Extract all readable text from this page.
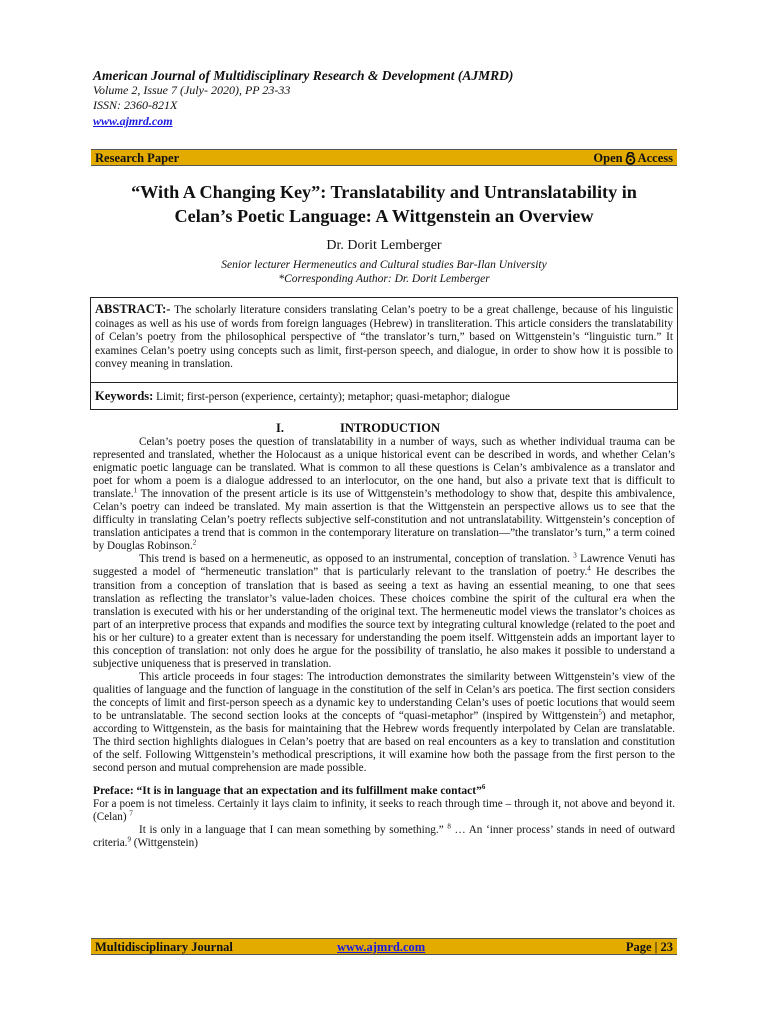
American Journal of Multidisciplinary Research & Development (AJMRD)
Volume 2, Issue 7 (July- 2020), PP 23-33
ISSN: 2360-821X
www.ajmrd.com
Research Paper	Open Access
“With A Changing Key”: Translatability and Untranslatability in
Celan’s Poetic Language: A Wittgenstein an Overview
Dr. Dorit Lemberger
Senior lecturer Hermeneutics and Cultural studies Bar-Ilan University
*Corresponding Author: Dr. Dorit Lemberger
ABSTRACT:- The scholarly literature considers translating Celan’s poetry to be a great challenge, because of his linguistic coinages as well as his use of words from foreign languages (Hebrew) in transliteration. This article considers the translatability of Celan’s poetry from the philosophical perspective of “the translator’s turn,” based on Wittgenstein’s “linguistic turn.” It examines Celan’s poetry using concepts such as limit, first-person speech, and dialogue, in order to show how it is possible to convey meaning in translation.
Keywords: Limit; first-person (experience, certainty); metaphor; quasi-metaphor; dialogue
I.	INTRODUCTION

Celan’s poetry poses the question of translatability in a number of ways, such as whether individual trauma can be represented and translated, whether the Holocaust as a unique historical event can be described in words, and whether Celan’s enigmatic poetic language can be translated. What is common to all these questions is Celan’s ambivalence as a translator and poet for whom a poem is a dialogue addressed to an interlocutor, on the one hand, but also a private text that is difficult to translate.$^1$ The innovation of the present article is its use of Wittgenstein’s methodology to show that, despite this ambivalence, Celan’s poetry can indeed be translated. My main assertion is that the Wittgenstein an perspective allows us to see that the difficulty in translating Celan’s poetry reflects subjective self-constitution and not untranslatability. Wittgenstein’s conception of translation anticipates a trend that is common in the contemporary literature on translation—”the translator’s turn,” a term coined by Douglas Robinson.$^2$

This trend is based on a hermeneutic, as opposed to an instrumental, conception of translation. $^3$ Lawrence Venuti has suggested a model of “hermeneutic translation” that is particularly relevant to the translation of poetry.$^4$ He describes the transition from a conception of translation that is based as seeing a text as having an essential meaning, to one that sees translation as reflecting the translator’s value-laden choices. These choices combine the spirit of the cultural era when the translation is executed with his or her understanding of the original text. The hermeneutic model views the translator’s choices as part of an interpretive process that expands and modifies the source text by integrating cultural knowledge (related to the poet and his or her culture) to a greater extent than is necessary for understanding the poem itself. Wittgenstein adds an important layer to this conception of translation: not only does he argue for the possibility of translatio, he also makes it possible to understand a subjective uniqueness that is preserved in translation.

This article proceeds in four stages: The introduction demonstrates the similarity between Wittgenstein’s view of the qualities of language and the function of language in the constitution of the self in Celan’s ars poetica. The first section considers the concepts of limit and first-person speech as a dynamic key to understanding Celan’s uses of poetic locutions that would seem to be untranslatable. The second section looks at the concepts of “quasi-metaphor” (inspired by Wittgenstein$^5$) and metaphor, according to Wittgenstein, as the basis for maintaining that the Hebrew words frequently interpolated by Celan are translatable. The third section highlights dialogues in Celan’s poetry that are based on real encounters as a key to translation and constitution of the self. Following Wittgenstein’s methodical prescriptions, it will examine how both the passage from the first person to the second person and mutual comprehension are made possible.

Preface: “It is in language that an expectation and its fulfillment make contact”$^6$

For a poem is not timeless. Certainly it lays claim to infinity, it seeks to reach through time – through it, not above and beyond it. (Celan) $^7$

It is only in a language that I can mean something by something.” $^8$ … An ‘inner process’ stands in need of outward criteria.$^9$ (Wittgenstein)

Multidisciplinary Journal	www.ajmrd.com	Page | 23
